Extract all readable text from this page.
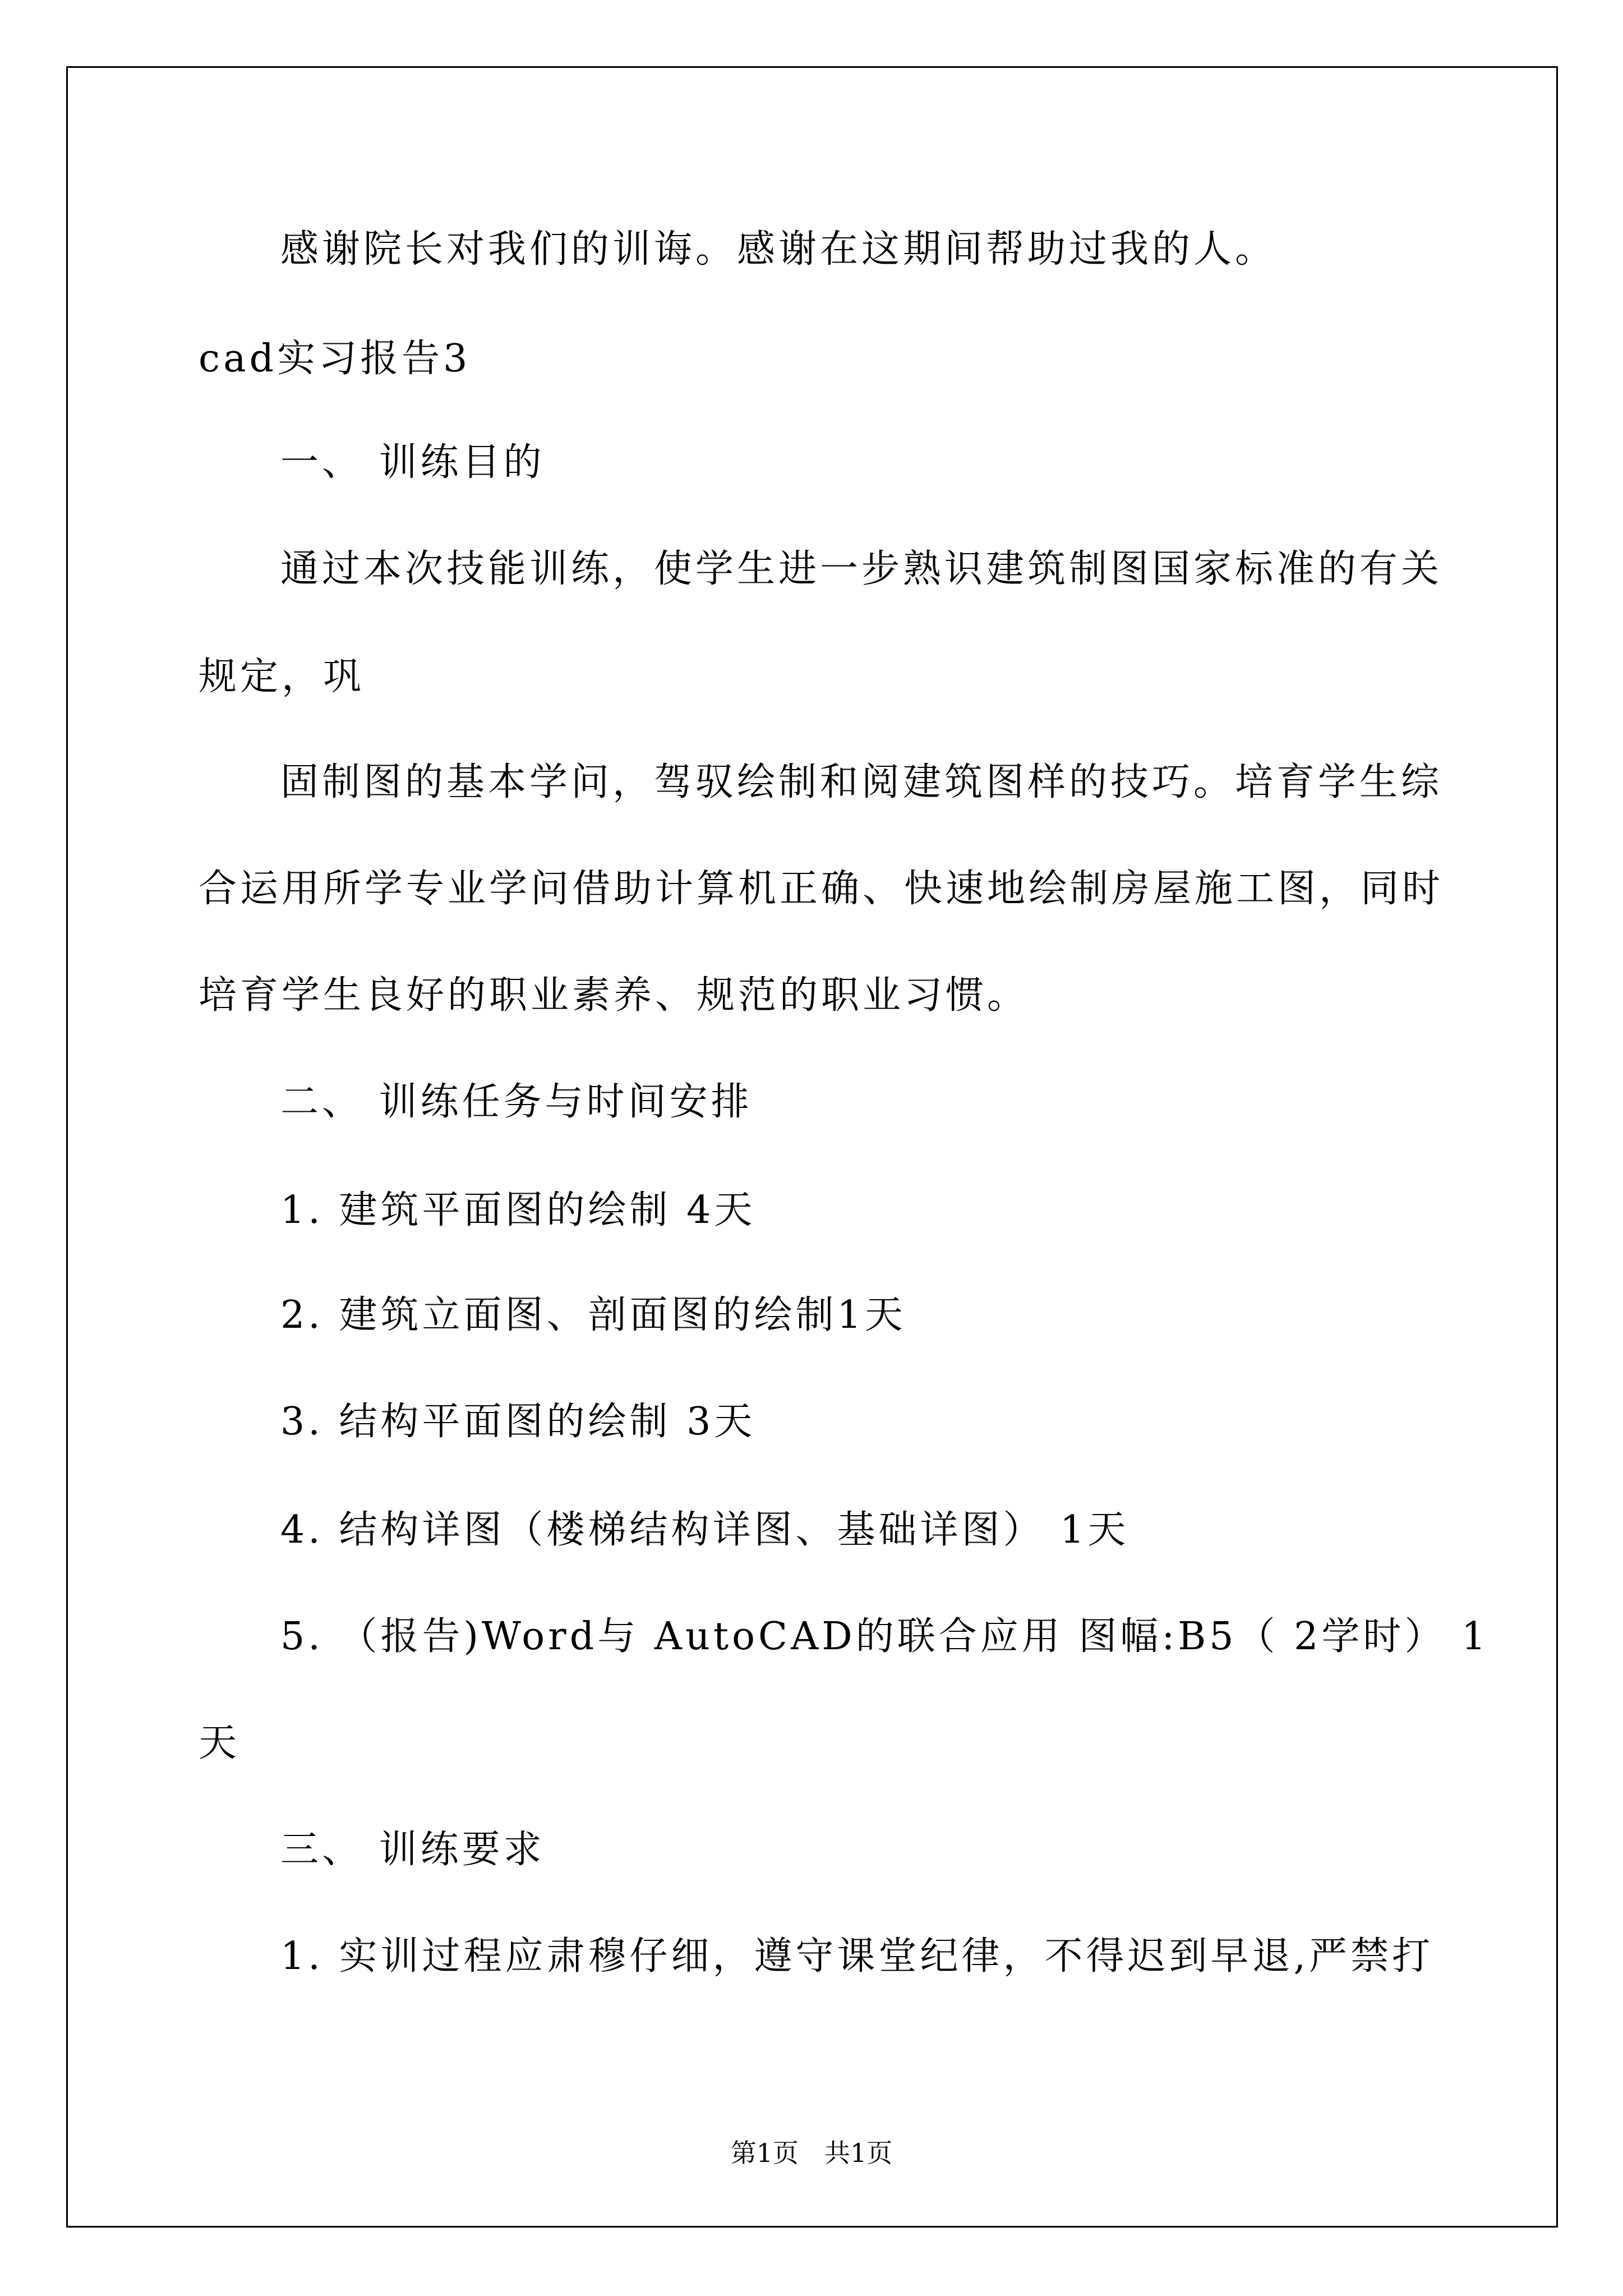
感谢院长对我们的训诲。感谢在这期间帮助过我的人。
cad实习报告3
一、 训练目的
通过本次技能训练，使学生进一步熟识建筑制图国家标准的有关
规定，巩
固制图的基本学问，驾驭绘制和阅建筑图样的技巧。培育学生综
合运用所学专业学问借助计算机正确、快速地绘制房屋施工图，同时
培育学生良好的职业素养、规范的职业习惯。
二、 训练任务与时间安排
1. 建筑平面图的绘制 4天
2. 建筑立面图、剖面图的绘制1天
3. 结构平面图的绘制 3天
4. 结构详图（楼梯结构详图、基础详图） 1天
5. （报告)Word与 AutoCAD的联合应用 图幅:B5（ 2学时） 1
天
三、 训练要求
1. 实训过程应肃穆仔细，遵守课堂纪律，不得迟到早退,严禁打
第1页　共1页
